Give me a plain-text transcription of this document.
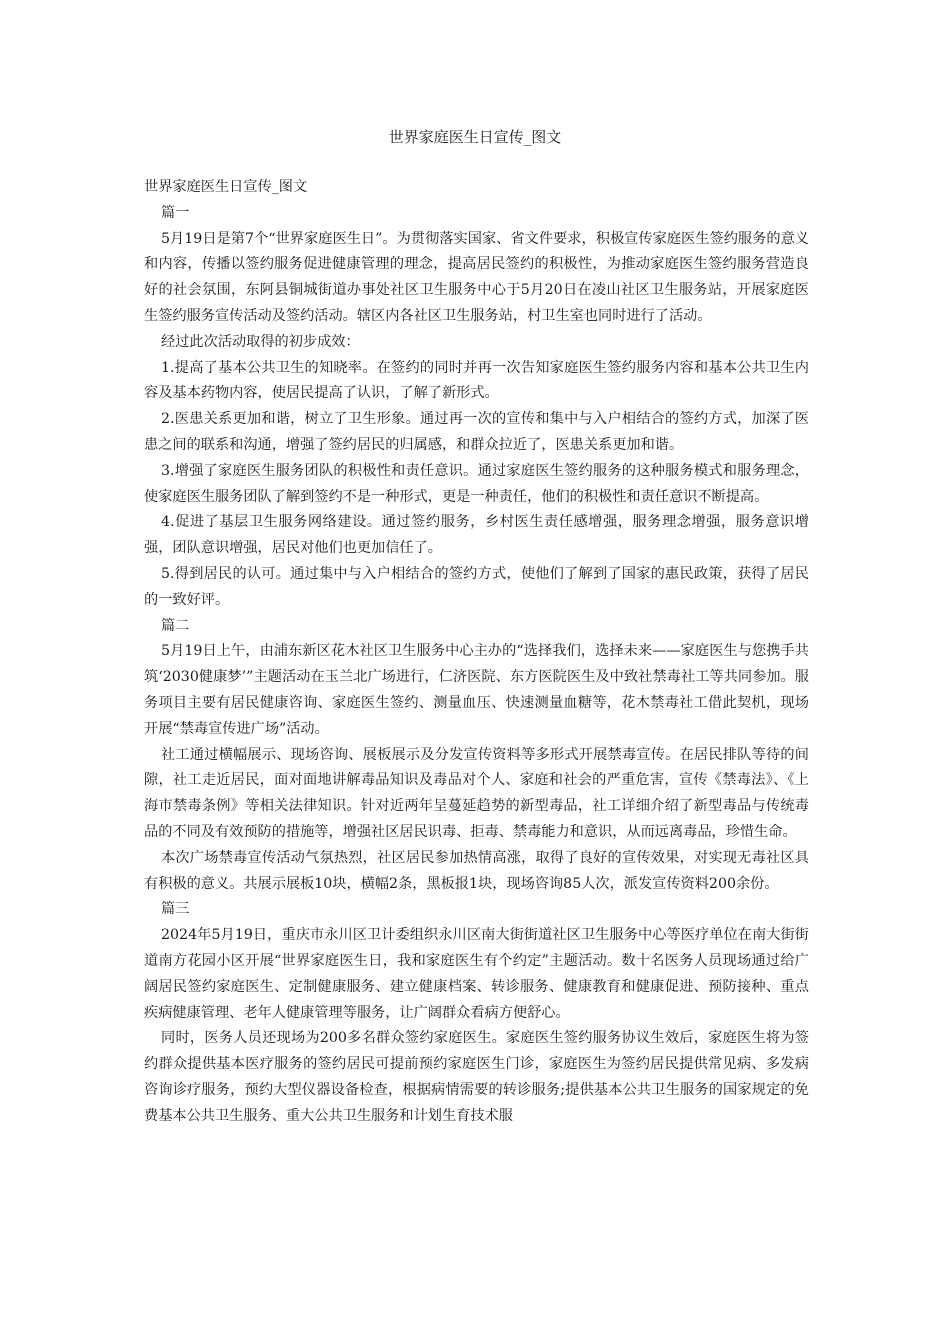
世界家庭医生日宣传_图文

世界家庭医生日宣传_图文

篇一

5月19日是第7个“世界家庭医生日”。为贯彻落实国家、省文件要求，积极宣传家庭医生签约服务的意义和内容，传播以签约服务促进健康管理的理念，提高居民签约的积极性，为推动家庭医生签约服务营造良好的社会氛围，东阿县铜城街道办事处社区卫生服务中心于5月20日在凌山社区卫生服务站，开展家庭医生签约服务宣传活动及签约活动。辖区内各社区卫生服务站，村卫生室也同时进行了活动。

经过此次活动取得的初步成效：

1.提高了基本公共卫生的知晓率。在签约的同时并再一次告知家庭医生签约服务内容和基本公共卫生内容及基本药物内容，使居民提高了认识，了解了新形式。

2.医患关系更加和谐，树立了卫生形象。通过再一次的宣传和集中与入户相结合的签约方式，加深了医患之间的联系和沟通，增强了签约居民的归属感，和群众拉近了，医患关系更加和谐。

3.增强了家庭医生服务团队的积极性和责任意识。通过家庭医生签约服务的这种服务模式和服务理念，使家庭医生服务团队了解到签约不是一种形式，更是一种责任，他们的积极性和责任意识不断提高。

4.促进了基层卫生服务网络建设。通过签约服务，乡村医生责任感增强，服务理念增强，服务意识增强，团队意识增强，居民对他们也更加信任了。

5.得到居民的认可。通过集中与入户相结合的签约方式，使他们了解到了国家的惠民政策，获得了居民的一致好评。

篇二

5月19日上午，由浦东新区花木社区卫生服务中心主办的“选择我们，选择未来——家庭医生与您携手共筑‘2030健康梦’”主题活动在玉兰北广场进行，仁济医院、东方医院医生及中致社禁毒社工等共同参加。服务项目主要有居民健康咨询、家庭医生签约、测量血压、快速测量血糖等，花木禁毒社工借此契机，现场开展“禁毒宣传进广场”活动。

社工通过横幅展示、现场咨询、展板展示及分发宣传资料等多形式开展禁毒宣传。在居民排队等待的间隙，社工走近居民，面对面地讲解毒品知识及毒品对个人、家庭和社会的严重危害，宣传《禁毒法》、《上海市禁毒条例》等相关法律知识。针对近两年呈蔓延趋势的新型毒品，社工详细介绍了新型毒品与传统毒品的不同及有效预防的措施等，增强社区居民识毒、拒毒、禁毒能力和意识，从而远离毒品，珍惜生命。

本次广场禁毒宣传活动气氛热烈，社区居民参加热情高涨，取得了良好的宣传效果，对实现无毒社区具有积极的意义。共展示展板10块，横幅2条，黑板报1块，现场咨询85人次，派发宣传资料200余份。

篇三

2024年5月19日，重庆市永川区卫计委组织永川区南大街街道社区卫生服务中心等医疗单位在南大街街道南方花园小区开展“世界家庭医生日，我和家庭医生有个约定”主题活动。数十名医务人员现场通过给广阔居民签约家庭医生、定制健康服务、建立健康档案、转诊服务、健康教育和健康促进、预防接种、重点疾病健康管理、老年人健康管理等服务，让广阔群众看病方便舒心。

同时，医务人员还现场为200多名群众签约家庭医生。家庭医生签约服务协议生效后，家庭医生将为签约群众提供基本医疗服务的签约居民可提前预约家庭医生门诊，家庭医生为签约居民提供常见病、多发病咨询诊疗服务，预约大型仪器设备检查，根据病情需要的转诊服务;提供基本公共卫生服务的国家规定的免费基本公共卫生服务、重大公共卫生服务和计划生育技术服
